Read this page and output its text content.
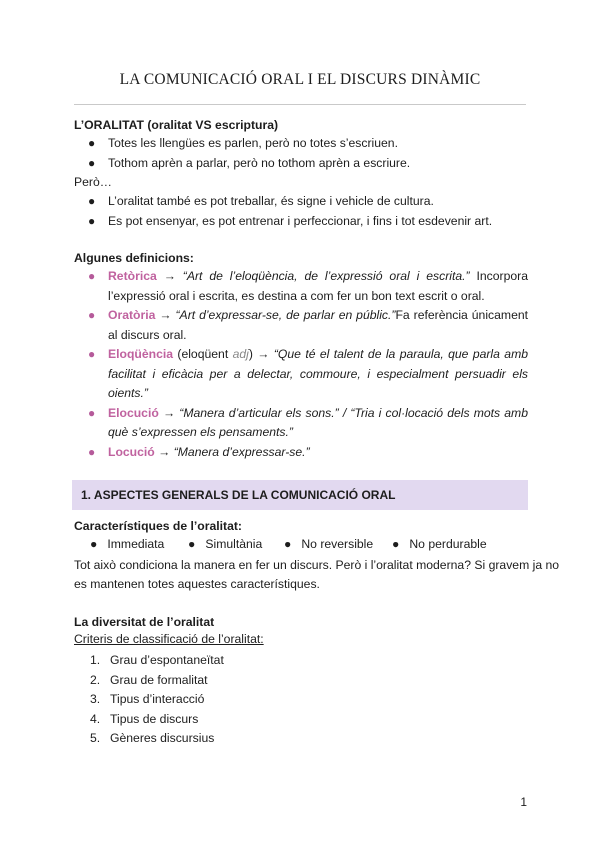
LA COMUNICACIÓ ORAL I EL DISCURS DINÀMIC
L’ORALITAT (oralitat VS escriptura)
● Totes les llengües es parlen, però no totes s’escriuen.
● Tothom aprèn a parlar, però no tothom aprèn a escriure.
Però…
● L’oralitat també es pot treballar, és signe i vehicle de cultura.
● Es pot ensenyar, es pot entrenar i perfeccionar, i fins i tot esdevenir art.
Algunes definicions:
● Retòrica → “Art de l’eloqüència, de l’expressió oral i escrita.” Incorpora l’expressió oral i escrita, es destina a com fer un bon text escrit o oral.
● Oratòria → “Art d’expressar-se, de parlar en públic.”Fa referència únicament al discurs oral.
● Eloqüència (eloqüent adj) → “Que té el talent de la paraula, que parla amb facilitat i eficàcia per a delectar, commoure, i especialment persuadir els oients.”
● Elocució → “Manera d’articular els sons.” / “Tria i col·locació dels mots amb què s’expressen els pensaments.”
● Locució → “Manera d’expressar-se.”
1. ASPECTES GENERALS DE LA COMUNICACIÓ ORAL
Característiques de l’oralitat:
● Immediata ● Simultània ● No reversible ● No perdurable
Tot això condiciona la manera en fer un discurs. Però i l’oralitat moderna? Si gravem ja no
es mantenen totes aquestes característiques.
La diversitat de l’oralitat
Criteris de classificació de l’oralitat:
1. Grau d’espontaneïtat
2. Grau de formalitat
3. Tipus d’interacció
4. Tipus de discurs
5. Gèneres discursius
1
